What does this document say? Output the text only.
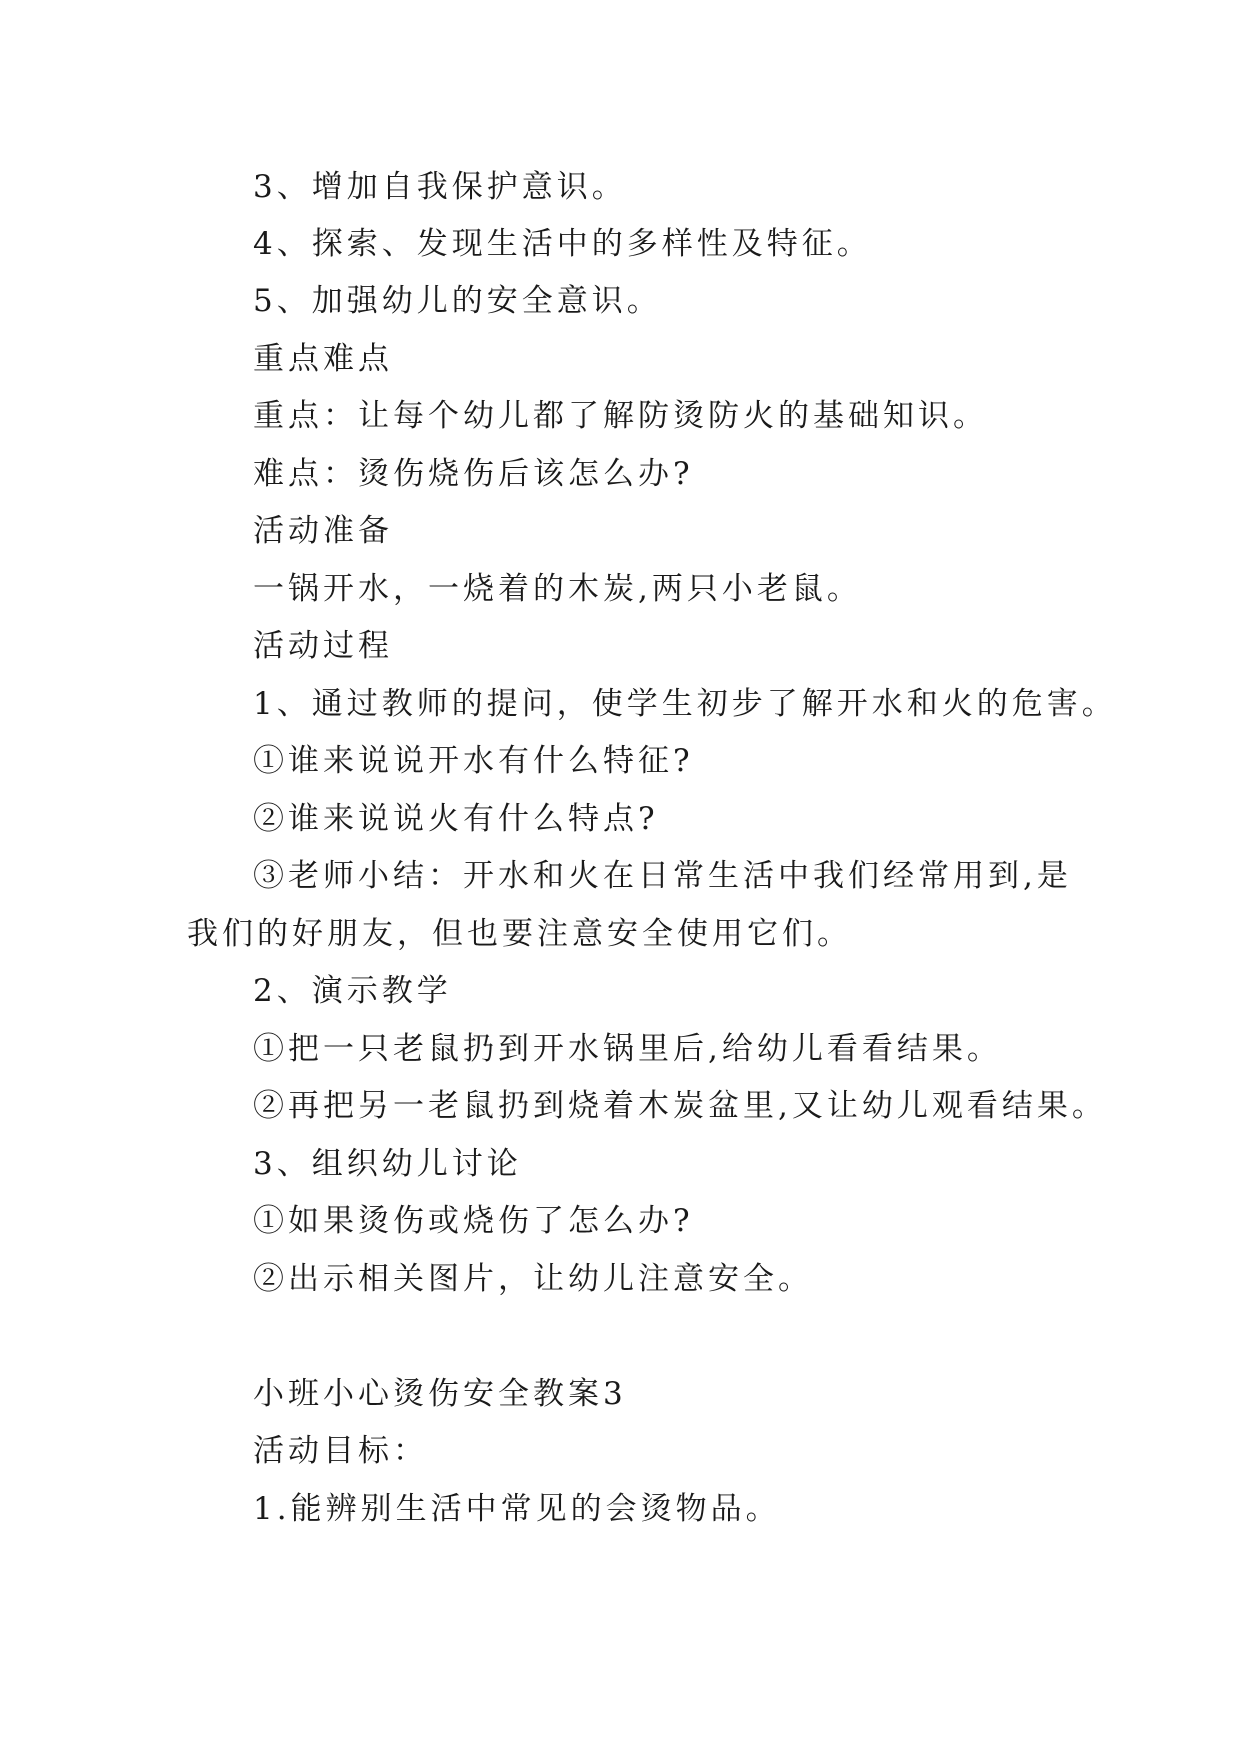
3、增加自我保护意识。
4、探索、发现生活中的多样性及特征。
5、加强幼儿的安全意识。
重点难点
重点：让每个幼儿都了解防烫防火的基础知识。
难点：烫伤烧伤后该怎么办?
活动准备
一锅开水，一烧着的木炭,两只小老鼠。
活动过程
1、通过教师的提问，使学生初步了解开水和火的危害。
①谁来说说开水有什么特征?
②谁来说说火有什么特点?
③老师小结：开水和火在日常生活中我们经常用到,是
我们的好朋友，但也要注意安全使用它们。
2、演示教学
①把一只老鼠扔到开水锅里后,给幼儿看看结果。
②再把另一老鼠扔到烧着木炭盆里,又让幼儿观看结果。
3、组织幼儿讨论
①如果烫伤或烧伤了怎么办?
②出示相关图片，让幼儿注意安全。
小班小心烫伤安全教案3
活动目标：
1.能辨别生活中常见的会烫物品。
